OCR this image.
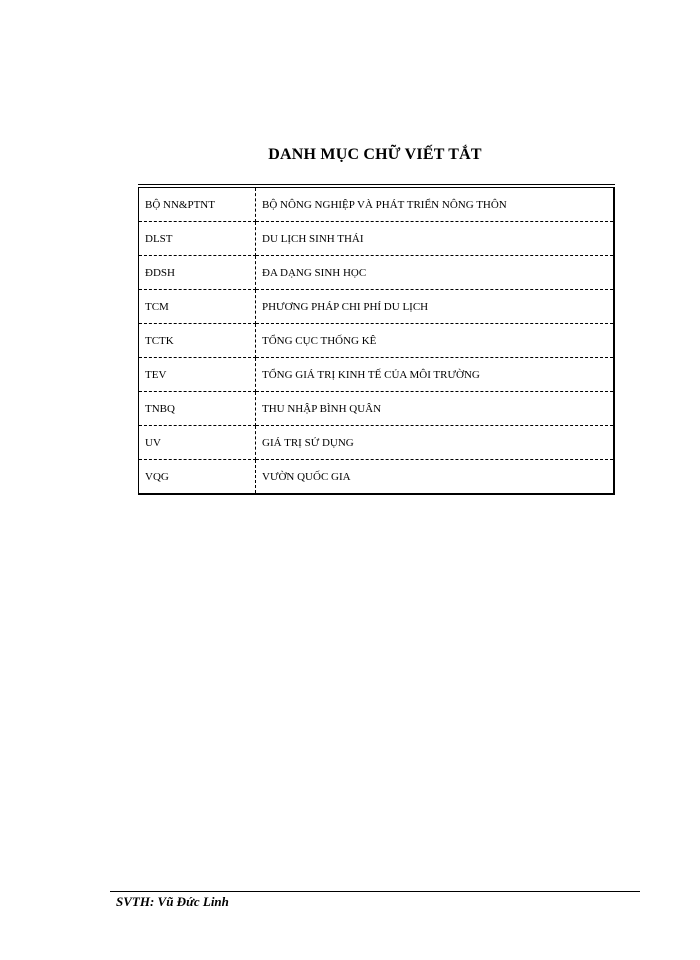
DANH MỤC CHỮ VIẾT TẮT
BỘ NN&PTNT	BỘ NÔNG NGHIỆP VÀ PHÁT TRIỂN NÔNG THÔN
DLST	DU LỊCH SINH THÁI
ĐDSH	ĐA DẠNG SINH HỌC
TCM	PHƯƠNG PHÁP CHI PHÍ DU LỊCH
TCTK	TỔNG CỤC THỐNG KÊ
TEV	TỔNG GIÁ TRỊ KINH TẾ CỦA MÔI TRƯỜNG
TNBQ	THU NHẬP BÌNH QUÂN
UV	GIÁ TRỊ SỬ DỤNG
VQG	VƯỜN QUỐC GIA
SVTH: Vũ Đức Linh
